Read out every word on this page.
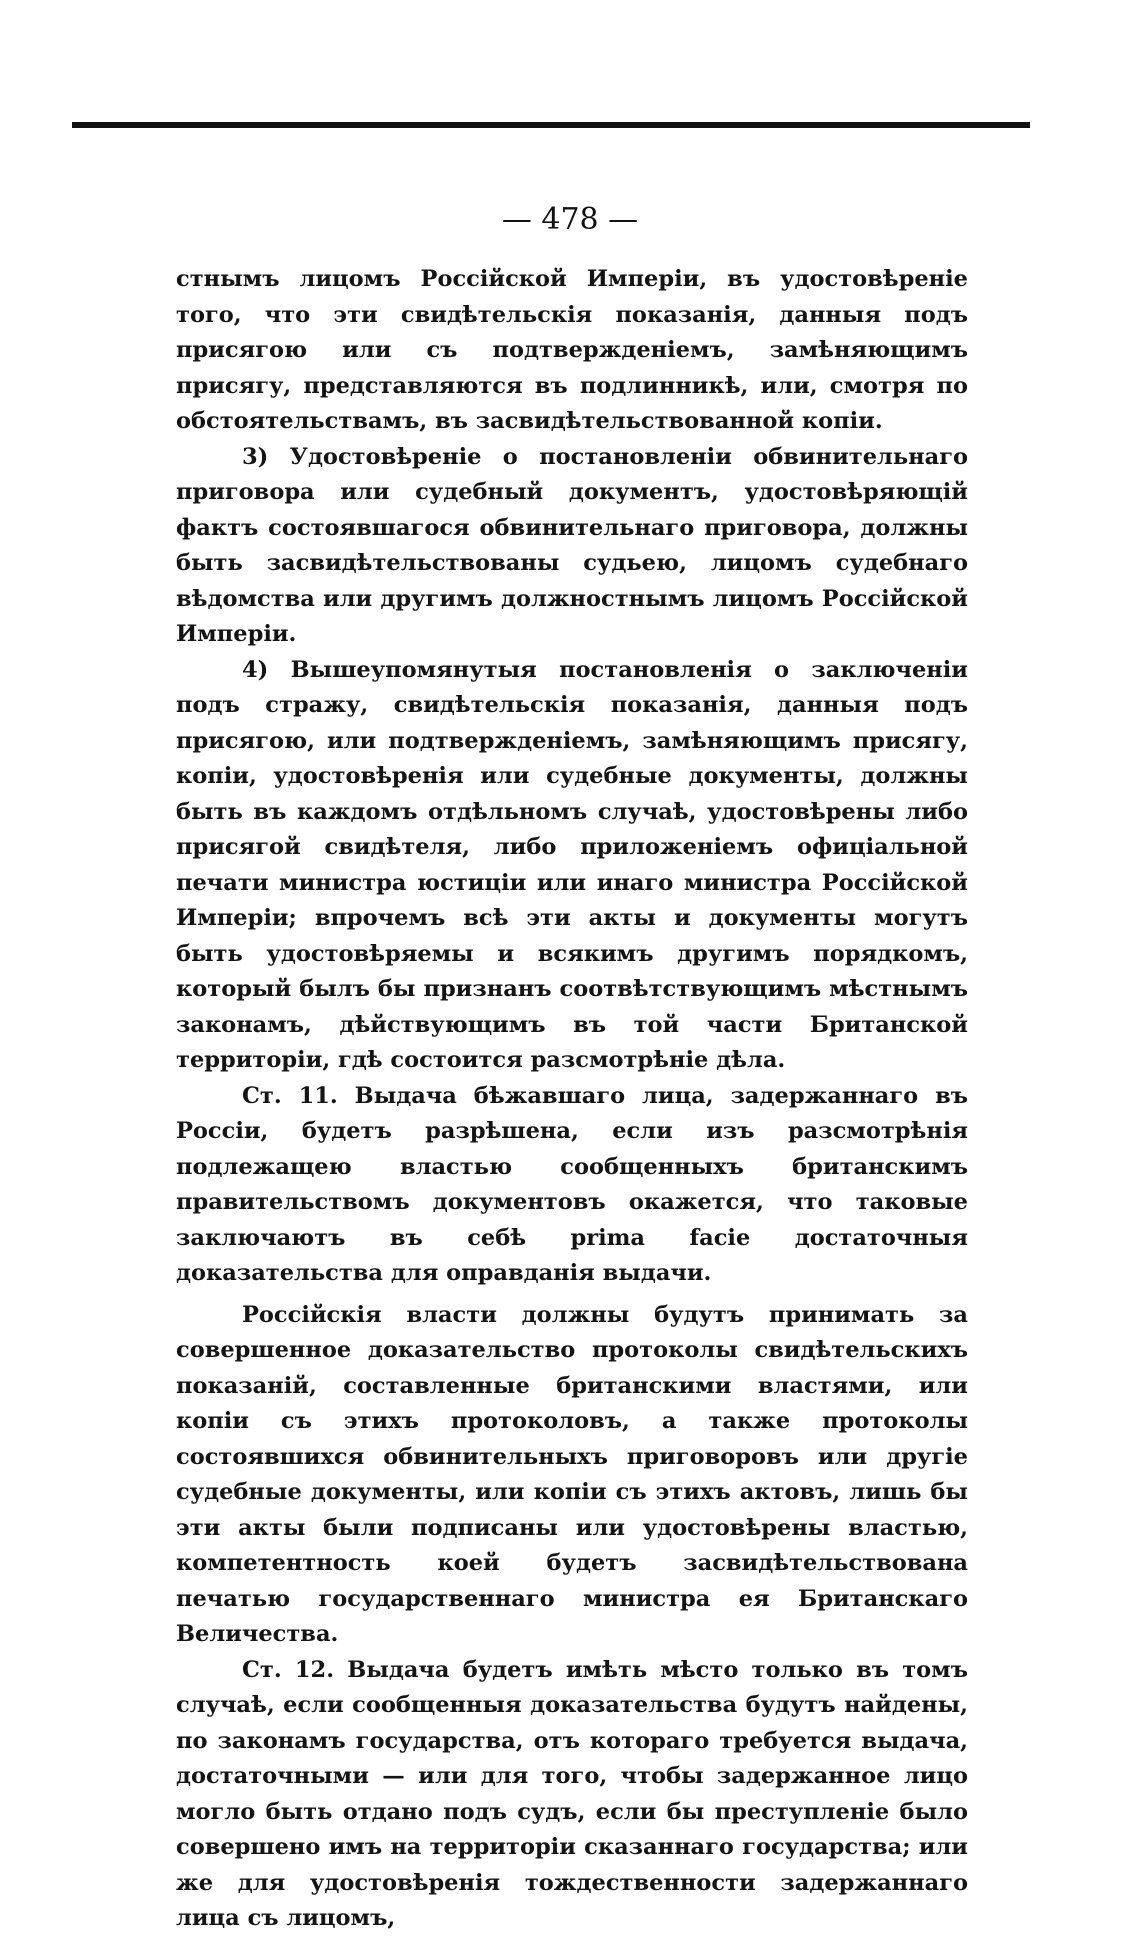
— 478 —

стнымъ лицомъ Россійской Имперіи, въ удостовѣреніе того, что эти свидѣтельскія показанія, данныя подъ присягою или съ подтвержденіемъ, замѣняющимъ присягу, представляются въ подлинникѣ, или, смотря по обстоятельствамъ, въ засвидѣтельствованной копіи.

3) Удостовѣреніе о постановленіи обвинительнаго приговора или судебный документъ, удостовѣряющій фактъ состоявшагося обвинительнаго приговора, должны быть засвидѣтельствованы судьею, лицомъ судебнаго вѣдомства или другимъ должностнымъ лицомъ Россійской Имперіи.

4) Вышеупомянутыя постановленія о заключеніи подъ стражу, свидѣтельскія показанія, данныя подъ присягою, или подтвержденіемъ, замѣняющимъ присягу, копіи, удостовѣренія или судебные документы, должны быть въ каждомъ отдѣльномъ случаѣ, удостовѣрены либо присягой свидѣтеля, либо приложеніемъ офиціальной печати министра юстиціи или инаго министра Россійской Имперіи; впрочемъ всѣ эти акты и документы могутъ быть удостовѣряемы и всякимъ другимъ порядкомъ, который былъ бы признанъ соотвѣтствующимъ мѣстнымъ законамъ, дѣйствующимъ въ той части Британской территоріи, гдѣ состоится разсмотрѣніе дѣла.

Ст. 11. Выдача бѣжавшаго лица, задержаннаго въ Россіи, будетъ разрѣшена, если изъ разсмотрѣнія подлежащею властью сообщенныхъ британскимъ правительствомъ документовъ окажется, что таковые заключаютъ въ себѣ prima facie достаточныя доказательства для оправданія выдачи.

Россійскія власти должны будутъ принимать за совершенное доказательство протоколы свидѣтельскихъ показаній, составленные британскими властями, или копіи съ этихъ протоколовъ, а также протоколы состоявшихся обвинительныхъ приговоровъ или другіе судебные документы, или копіи съ этихъ актовъ, лишь бы эти акты были подписаны или удостовѣрены властью, компетентность коей будетъ засвидѣтельствована печатью государственнаго министра ея Британскаго Величества.

Ст. 12. Выдача будетъ имѣть мѣсто только въ томъ случаѣ, если сообщенныя доказательства будутъ найдены, по законамъ государства, отъ котораго требуется выдача, достаточными — или для того, чтобы задержанное лицо могло быть отдано подъ судъ, если бы преступленіе было совершено имъ на территоріи сказаннаго государства; или же для удостовѣренія тождественности задержаннаго лица съ лицомъ,
